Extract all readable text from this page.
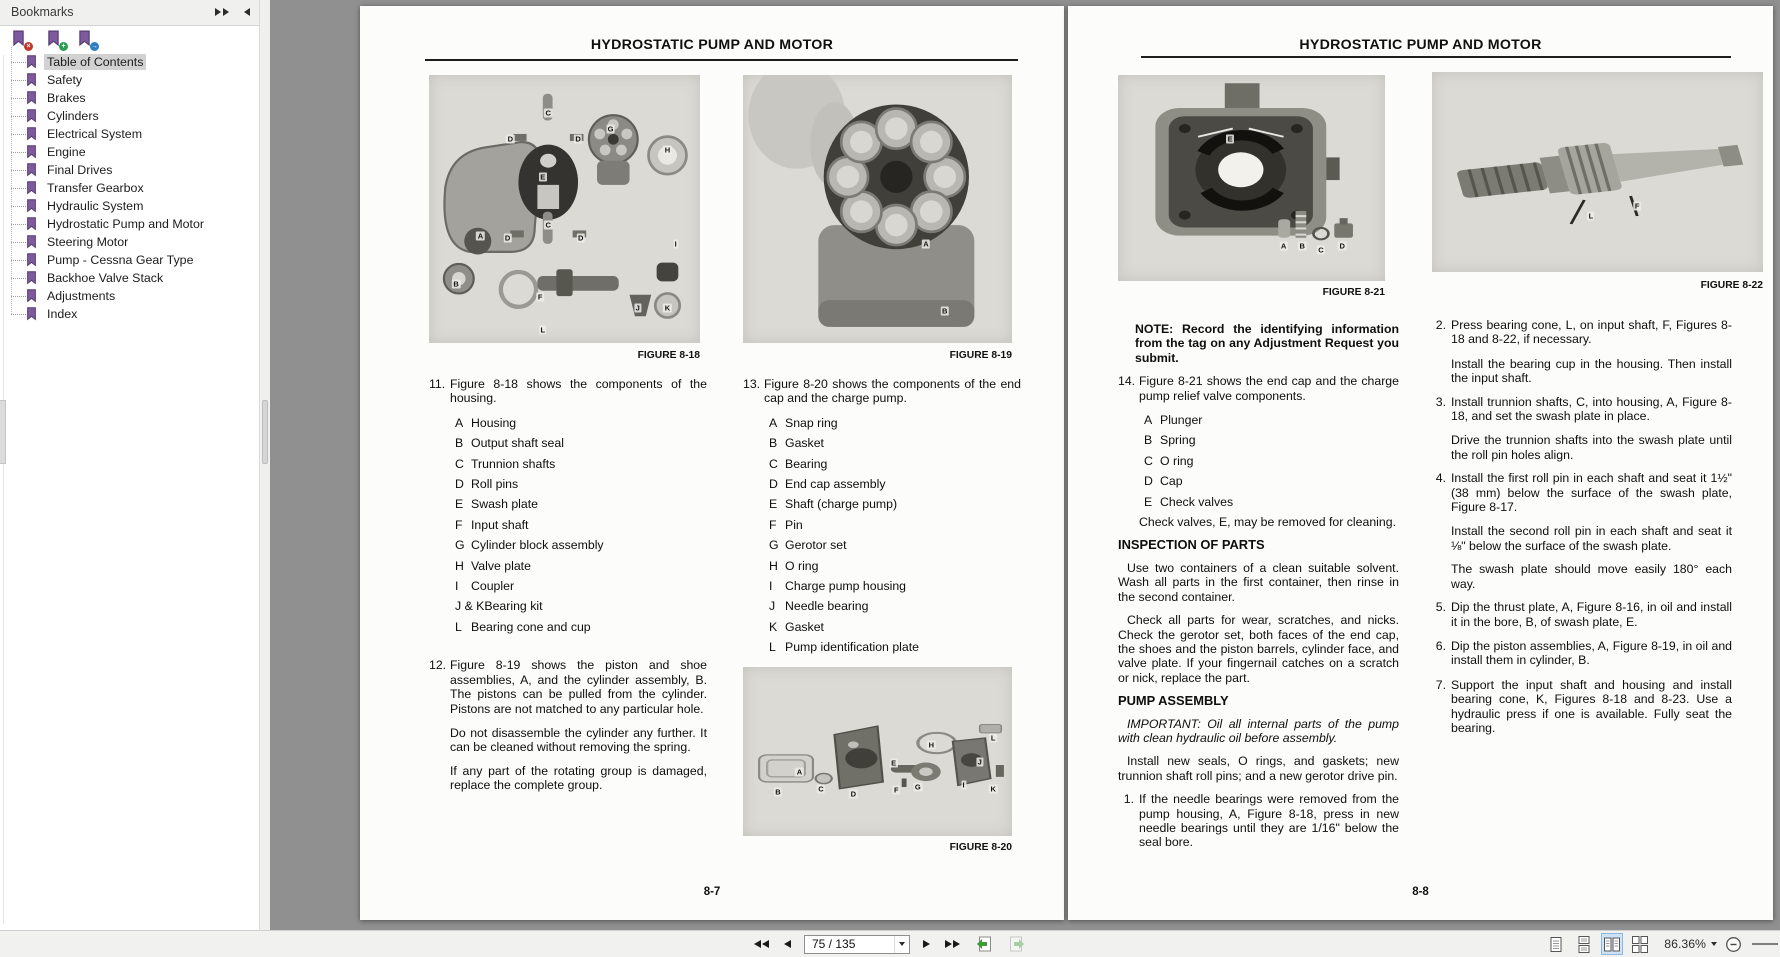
Bookmarks
×	+	→
Table of Contents
Safety
Brakes
Cylinders
Electrical System
Engine
Final Drives
Transfer Gearbox
Hydraulic System
Hydrostatic Pump and Motor
Steering Motor
Pump - Cessna Gear Type
Backhoe Valve Stack
Adjustments
Index
HYDROSTATIC PUMP AND MOTOR
C
D	D
G
H
E
A
C
D	D
B
I
F
J	K
L
A
B
FIGURE 8-18	FIGURE 8-19
11. Figure 8-18 shows the components of the housing.
A Housing
B Output shaft seal
C Trunnion shafts
D Roll pins
E Swash plate
F Input shaft
G Cylinder block assembly
H Valve plate
I Coupler
J & KBearing kit
L Bearing cone and cup
12. Figure 8-19 shows the piston and shoe assemblies, A, and the cylinder assembly, B. The pistons can be pulled from the cylinder. Pistons are not matched to any particular hole.
Do not disassemble the cylinder any further. It can be cleaned without removing the spring.
If any part of the rotating group is damaged, replace the complete group.
13. Figure 8-20 shows the components of the end cap and the charge pump.
A Snap ring
B Gasket
C Bearing
D End cap assembly
E Shaft (charge pump)
F Pin
G Gerotor set
H O ring
I Charge pump housing
J Needle bearing
K Gasket
L Pump identification plate
A
B	C
D
E
F G
H
I
J
K
L
FIGURE 8-20
8-7
HYDROSTATIC PUMP AND MOTOR
E
A B C D
L
F
FIGURE 8-21
FIGURE 8-22
NOTE: Record the identifying information from the tag on any Adjustment Request you submit.
14. Figure 8-21 shows the end cap and the charge pump relief valve components.
A Plunger
B Spring
C O ring
D Cap
E Check valves
Check valves, E, may be removed for cleaning.
INSPECTION OF PARTS
Use two containers of a clean suitable solvent. Wash all parts in the first container, then rinse in the second container.
Check all parts for wear, scratches, and nicks. Check the gerotor set, both faces of the end cap, the shoes and the piston barrels, cylinder face, and valve plate. If your fingernail catches on a scratch or nick, replace the part.
PUMP ASSEMBLY
IMPORTANT: Oil all internal parts of the pump with clean hydraulic oil before assembly.
Install new seals, O rings, and gaskets; new trunnion shaft roll pins; and a new gerotor drive pin.
1. If the needle bearings were removed from the pump housing, A, Figure 8-18, press in new needle bearings until they are 1/16" below the seal bore.
2. Press bearing cone, L, on input shaft, F, Figures 8-18 and 8-22, if necessary.
Install the bearing cup in the housing. Then install the input shaft.
3. Install trunnion shafts, C, into housing, A, Figure 8-18, and set the swash plate in place.
Drive the trunnion shafts into the swash plate until the roll pin holes align.
4. Install the first roll pin in each shaft and seat it 1½" (38 mm) below the surface of the swash plate, Figure 8-17.
Install the second roll pin in each shaft and seat it ⅛" below the surface of the swash plate.
The swash plate should move easily 180° each way.
5. Dip the thrust plate, A, Figure 8-16, in oil and install it in the bore, B, of swash plate, E.
6. Dip the piston assemblies, A, Figure 8-19, in oil and install them in cylinder, B.
7. Support the input shaft and housing and install bearing cone, K, Figures 8-18 and 8-23. Use a hydraulic press if one is available. Fully seat the bearing.
8-8
75 / 135
86.36%
